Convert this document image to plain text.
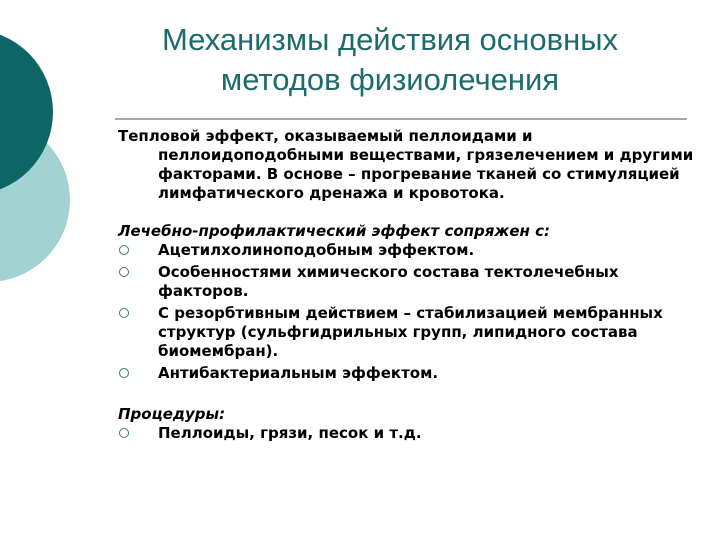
Механизмы действия основных
методов физиолечения
Тепловой эффект, оказываемый пеллоидами и пеллоидоподобными веществами, грязелечением и другими факторами. В основе – прогревание тканей со стимуляцией лимфатического дренажа и кровотока.
Лечебно-профилактический эффект сопряжен с:
Ацетилхолиноподобным эффектом.
Особенностями химического состава тектолечебных факторов.
С резорбтивным действием – стабилизацией мембранных структур (сульфгидрильных групп, липидного состава биомембран).
Антибактериальным эффектом.
Процедуры:
Пеллоиды, грязи, песок и т.д.
